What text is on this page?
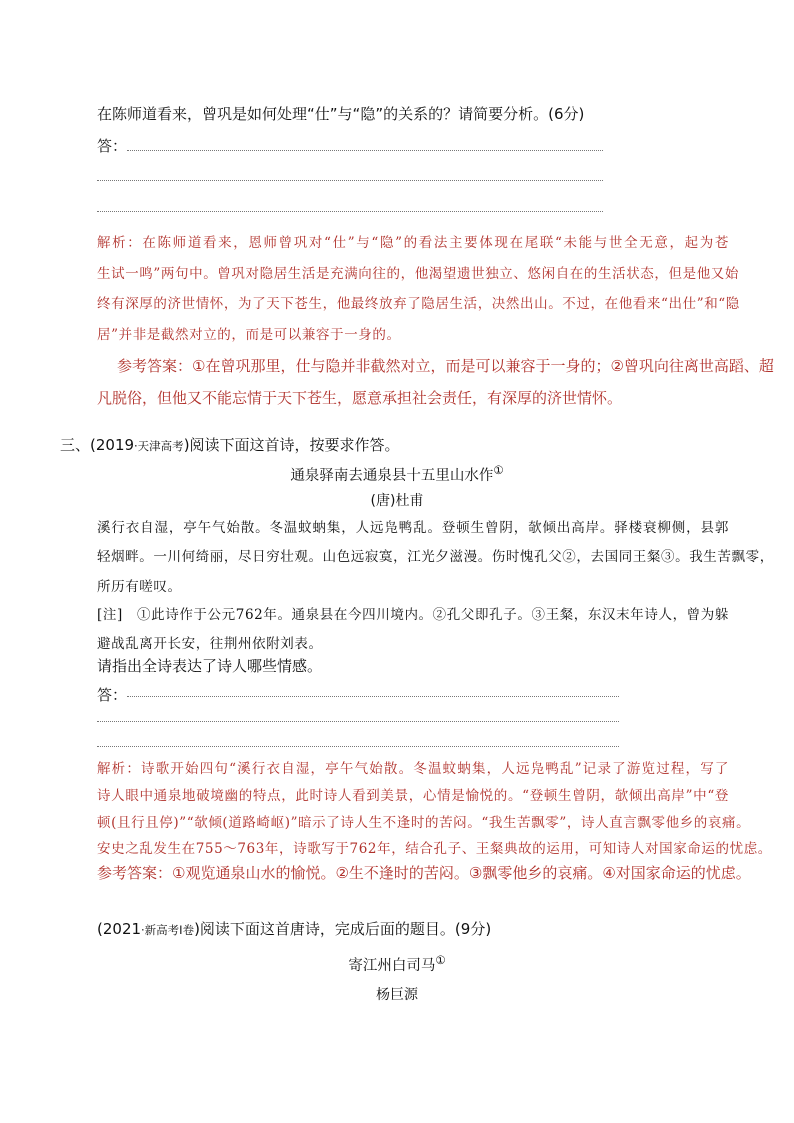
在陈师道看来，曾巩是如何处理“仕”与“隐”的关系的？请简要分析。(6分)
答：
解析：在陈师道看来，恩师曾巩对“仕”与“隐”的看法主要体现在尾联“未能与世全无意，起为苍
生试一鸣”两句中。曾巩对隐居生活是充满向往的，他渴望遗世独立、悠闲自在的生活状态，但是他又始
终有深厚的济世情怀，为了天下苍生，他最终放弃了隐居生活，决然出山。不过，在他看来“出仕”和“隐
居”并非是截然对立的，而是可以兼容于一身的。
参考答案：①在曾巩那里，仕与隐并非截然对立，而是可以兼容于一身的；②曾巩向往离世高蹈、超
凡脱俗，但他又不能忘情于天下苍生，愿意承担社会责任，有深厚的济世情怀。
三、(2019·天津高考)阅读下面这首诗，按要求作答。
通泉驿南去通泉县十五里山水作①
(唐)杜甫
溪行衣自湿，亭午气始散。冬温蚊蚋集，人远凫鸭乱。登顿生曾阴，欹倾出高岸。驿楼衰柳侧，县郭
轻烟畔。一川何绮丽，尽日穷壮观。山色远寂寞，江光夕滋漫。伤时愧孔父②，去国同王粲③。我生苦飘零，
所历有嗟叹。
[注]　①此诗作于公元762年。通泉县在今四川境内。②孔父即孔子。③王粲，东汉末年诗人，曾为躲
避战乱离开长安，往荆州依附刘表。
请指出全诗表达了诗人哪些情感。
答：
解析：诗歌开始四句“溪行衣自湿，亭午气始散。冬温蚊蚋集，人远凫鸭乱”记录了游览过程，写了
诗人眼中通泉地破境幽的特点，此时诗人看到美景，心情是愉悦的。“登顿生曾阴，欹倾出高岸”中“登
顿(且行且停)”“欹倾(道路崎岖)”暗示了诗人生不逢时的苦闷。“我生苦飘零”，诗人直言飘零他乡的哀痛。
安史之乱发生在755～763年，诗歌写于762年，结合孔子、王粲典故的运用，可知诗人对国家命运的忧虑。
参考答案：①观览通泉山水的愉悦。②生不逢时的苦闷。③飘零他乡的哀痛。④对国家命运的忧虑。
(2021·新高考Ⅰ卷)阅读下面这首唐诗，完成后面的题目。(9分)
寄江州白司马①
杨巨源
